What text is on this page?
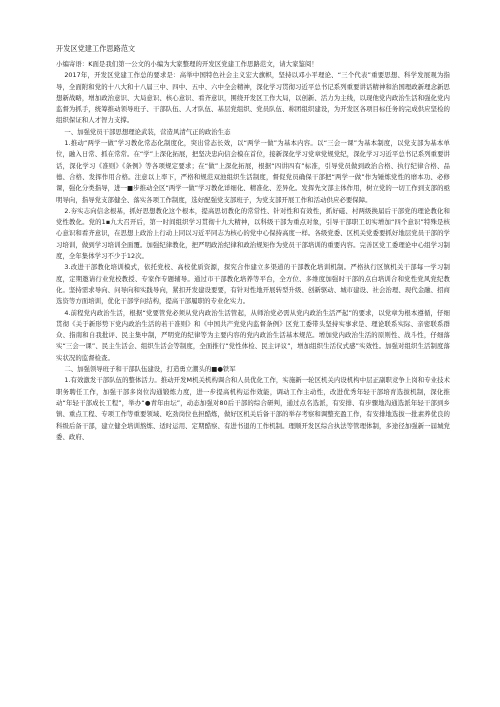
开发区党建工作思路范文

小编寄语：K面是我们第一公文的小编为大家整理的开发区党建工作思路范文，请大家鉴阅！

2017年，开发区党建工作总的要求是：高举中国特色社会主义宏大旗帜，坚持以邓小平理论、“三个代表”重要思想、科学发展观为指导，全面附和党的十八大和十八届三中、四中、五中、六中全会精神，深化学习贯彻习近平总书记系列重要讲话精神和治国理政新理念新思想新战略，增加政治意识、大局意识、核心意识、看齐意识，围绕开发区工作大局，以创新、活力为主线，以现他党内政治生活和强化党内监督为抓手，统筹推动领导班子、干部队伍、人才队伍、基层党组织、党员队伍、称团组织建设，为开发区各项目标任务的完成供应坚检的组织保证和人才智力支撑。

一、加强党员干部思想理论武装，营造风清气正的政治生态

1.推动“两学一做”学习教化常态化制度化，突出常态长效，以“两学一做”为基本内容。以“三会一课”为基本制度，以党支部为基本单位，融入日常、抓在常常。在“学”上深化拓展，把坚决忠向信会模在首位，接新深化学习党章党规党纪，深化学习习近平总书记系列重要讲话，深化学习《准则》《条例》等各项规定要求；在“做”上深化拓展，根据“四讲四有”标准，引导党员做到政治合格、执行纪律合格、品德、合格、发挥作用合格。注意以上率下，严格和规范双池组织生活制度，督促党员确保干部把“两学一做”作为锤炼党性的磨本功、必修课，强化分类指导，进一■步推动全区“两学一做”学习教化详细化、精准化、差异化。发挥先文部主体作用，树立党的一切工作到支部的亟明导向，指导党支部健全、落实各项工作制度，选好配强党支部班子，为党支部开展工作和活动供应必要保障。

2.夯实志向信念根基，抓好思想教化这个根本，提高思切教化的常常性、针对性和有效性，抓好磁、村两级换届后干部党的理论教化和党性教化。党的1▪九大召开后，第一时间组织学习贯彻十九大精神，以科级干部为重点对象，引导干部职工切实增加“四个意识”特殊是核心意识和看齐意识，在思想上政治上行动上同以习近平同志为核心的党中心保持高度一样。各级党委、区机关党委要抓好地层党员干部的学习培训，做到学习培训全面覆。加强纪律教化，把严明政治纪律和政治规矩作为党员干部培训的重要内容。完善区党工委理论中心组学习制度，全年集体学习不少于12次。

3.改进干部教化培训模式，依托党校、高校优质资源，探究合作建立多渠道的干部教化培训机制。严格执行区镇机关干部每一学习制度，定期邀请行业党校教授、专家作专题辅导。通过市干部教化培养等平台，全方位、多维度加强时干部的点白培训合和党性党风党纪教化。坚持需求导向、问导向和实践导向，紧扣开发建设要要，有针对性地开展转型升级、创新驱动、城市建设、社会治理、现代金融、招商选资等方面培训，优化干部学问结构，提高干部履职的专业化实力。

4.前程党内政治生活，根据“党要管党必须从党内政治生活管起，从师治党必需从党内政治生活严起”的要求，以党章为根本遵循，仔细贯彻《关于新形势下党内政治生活的若干准则》和《中国共产党党内监督条例》区党工委带头坚持实事求是、理论联系实际、亲密联系群众、指南和自我批评、民主集中制，严明党的纪律等为主要内容的党内政治生活基本规范。增加党内政治生活的原则性、战斗性，仔细落实“三会一课”、民主生活会、组织生活会等制度，全面推行“党性体检、民主评议”，增加组织生活仪式感”实效性。加强对组织生活制度落实状况的监督检查。

二、加强领导班子和干部队伍建设，打造勇立潮头的■●铁军

1.有效激发干部队伍的整体活力。推动开发M机关机构调合和人员优化工作，实施新一轮区机关内设机构中层正副职竞争上岗和专业技术职务聘任工作，加强干部多岗位沟通锻炼力度，进一步提高机构运作效能，调动工作主动性，改进优秀年轻干部培育选拔机制，深化推动“年轻干部成长工程”，举办“●青年由坛”，动态加强对80后干部的综合研判，通过点名选派，有安排、有步骤地沟通选派年轻干部到乡镇、重点工程、专项工作等重要领域、吃劲岗位也担酷炼，做好区机关后备干部的举存考察和调整充盈工作，有安排地选拔一批素养优良的科级后备干部，建立健全培训熬炼、适时运用、定期酷察、有进书退的工作机制。理顺开发区综合执法等管理体制，多途径加强新一届城党委、政府、
